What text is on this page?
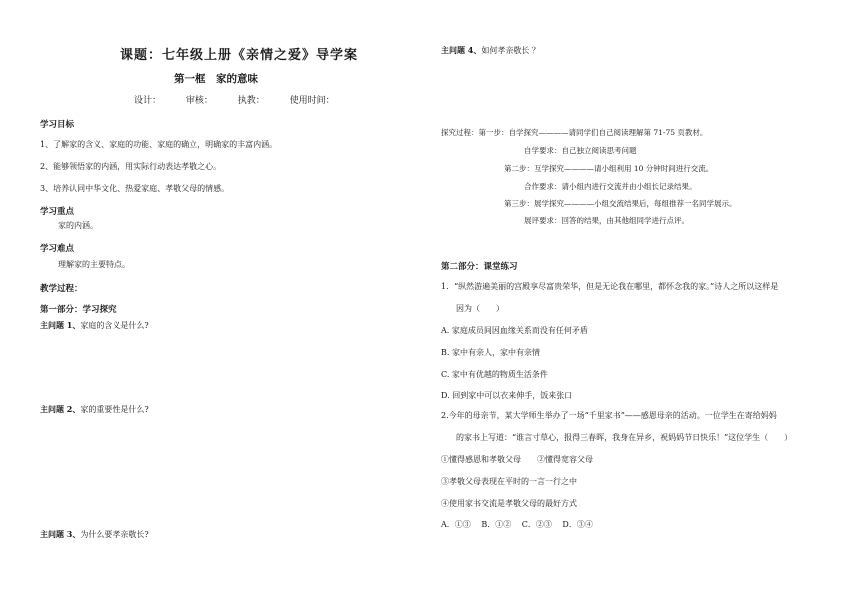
课题：七年级上册《亲情之爱》导学案
第一框　家的意味
设计：	审核：	执教：	使用时间：
学习目标
1、了解家的含义、家庭的功能、家庭的确立，明确家的丰富内涵。
2、能够领悟家的内涵，用实际行动表达孝敬之心。
3、培养认同中华文化、热爱家庭、孝敬父母的情感。
学习重点
家的内涵。
学习难点
理解家的主要特点。
教学过程：
第一部分：学习探究
主问题 1、家庭的含义是什么?
主问题 2、家的重要性是什么?
主问题 3、为什么要孝亲敬长?
主问题 4、如何孝亲敬长 ？
探究过程：第一步：自学探究————请同学们自己阅读理解第 71-75 页教材。
自学要求：自己独立阅读思考问题
第二步：互学探究————请小组利用 10 分钟时间进行交流。
合作要求：请小组内进行交流并由小组长记录结果。
第三步：展学探究————小组交流结果后，每组推荐一名同学展示。
展评要求：回答的结果，由其他组同学进行点评。
第二部分：课堂练习
1．“纵然游遍美丽的宫殿享尽富贵荣华，但是无论我在哪里，都怀念我的家。”诗人之所以这样是
因为（　　）
A. 家庭成员间因血缘关系而没有任何矛盾
B. 家中有亲人，家中有亲情
C. 家中有优越的物质生活条件
D. 回到家中可以衣来伸手，饭来张口
2.今年的母亲节，某大学师生举办了一场“千里家书”——感恩母亲的活动。一位学生在寄给妈妈
的家书上写道：“谁言寸草心，报得三春晖，我身在异乡，祝妈妈节日快乐！”这位学生（　　）
①懂得感恩和孝敬父母　　②懂得宽容父母
③孝敬父母表现在平时的一言一行之中
④使用家书交流是孝敬父母的最好方式
A．①③　 B．①②　 C．②③　 D．③④
